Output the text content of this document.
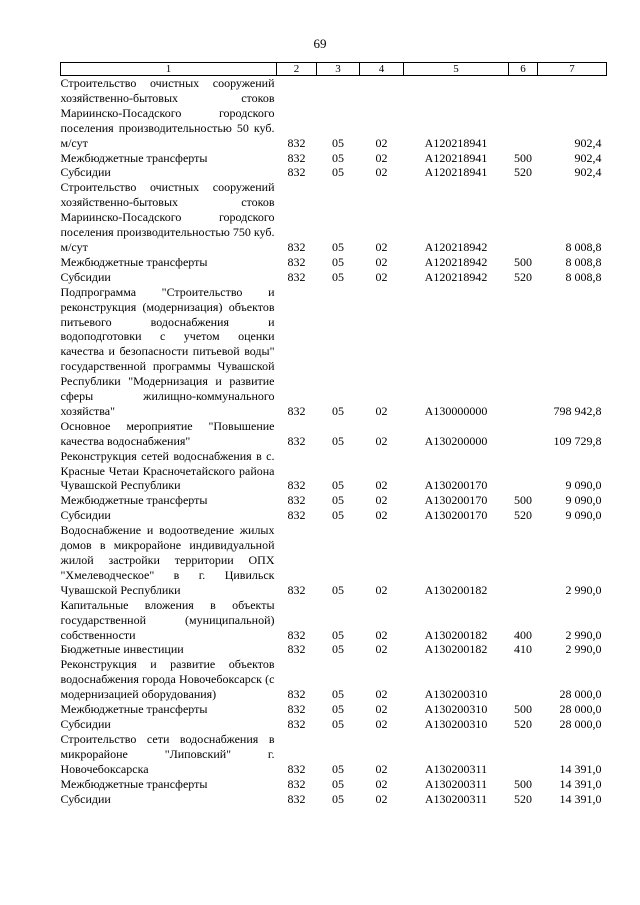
69
1	2	3	4	5	6	7
Строительство очистных сооружений хозяйственно-бытовых стоков Мариинско-Посадского городского поселения производительностью 50 куб. м/сут	832	05	02	А120218941		902,4
Межбюджетные трансферты	832	05	02	А120218941	500	902,4
Субсидии	832	05	02	А120218941	520	902,4
Строительство очистных сооружений хозяйственно-бытовых стоков Мариинско-Посадского городского поселения производительностью 750 куб. м/сут	832	05	02	А120218942		8 008,8
Межбюджетные трансферты	832	05	02	А120218942	500	8 008,8
Субсидии	832	05	02	А120218942	520	8 008,8
Подпрограмма "Строительство и реконструкция (модернизация) объектов питьевого водоснабжения и водоподготовки с учетом оценки качества и безопасности питьевой воды" государственной программы Чувашской Республики "Модернизация и развитие сферы жилищно-коммунального хозяйства"	832	05	02	А130000000		798 942,8
Основное мероприятие "Повышение качества водоснабжения"	832	05	02	А130200000		109 729,8
Реконструкция сетей водоснабжения в с. Красные Четаи Красночетайского района Чувашской Республики	832	05	02	А130200170		9 090,0
Межбюджетные трансферты	832	05	02	А130200170	500	9 090,0
Субсидии	832	05	02	А130200170	520	9 090,0
Водоснабжение и водоотведение жилых домов в микрорайоне индивидуальной жилой застройки территории ОПХ "Хмелеводческое" в г. Цивильск Чувашской Республики	832	05	02	А130200182		2 990,0
Капитальные вложения в объекты государственной (муниципальной) собственности	832	05	02	А130200182	400	2 990,0
Бюджетные инвестиции	832	05	02	А130200182	410	2 990,0
Реконструкция и развитие объектов водоснабжения города Новочебоксарск (с модернизацией оборудования)	832	05	02	А130200310		28 000,0
Межбюджетные трансферты	832	05	02	А130200310	500	28 000,0
Субсидии	832	05	02	А130200310	520	28 000,0
Строительство сети водоснабжения в микрорайоне "Липовский" г. Новочебоксарска	832	05	02	А130200311		14 391,0
Межбюджетные трансферты	832	05	02	А130200311	500	14 391,0
Субсидии	832	05	02	А130200311	520	14 391,0
